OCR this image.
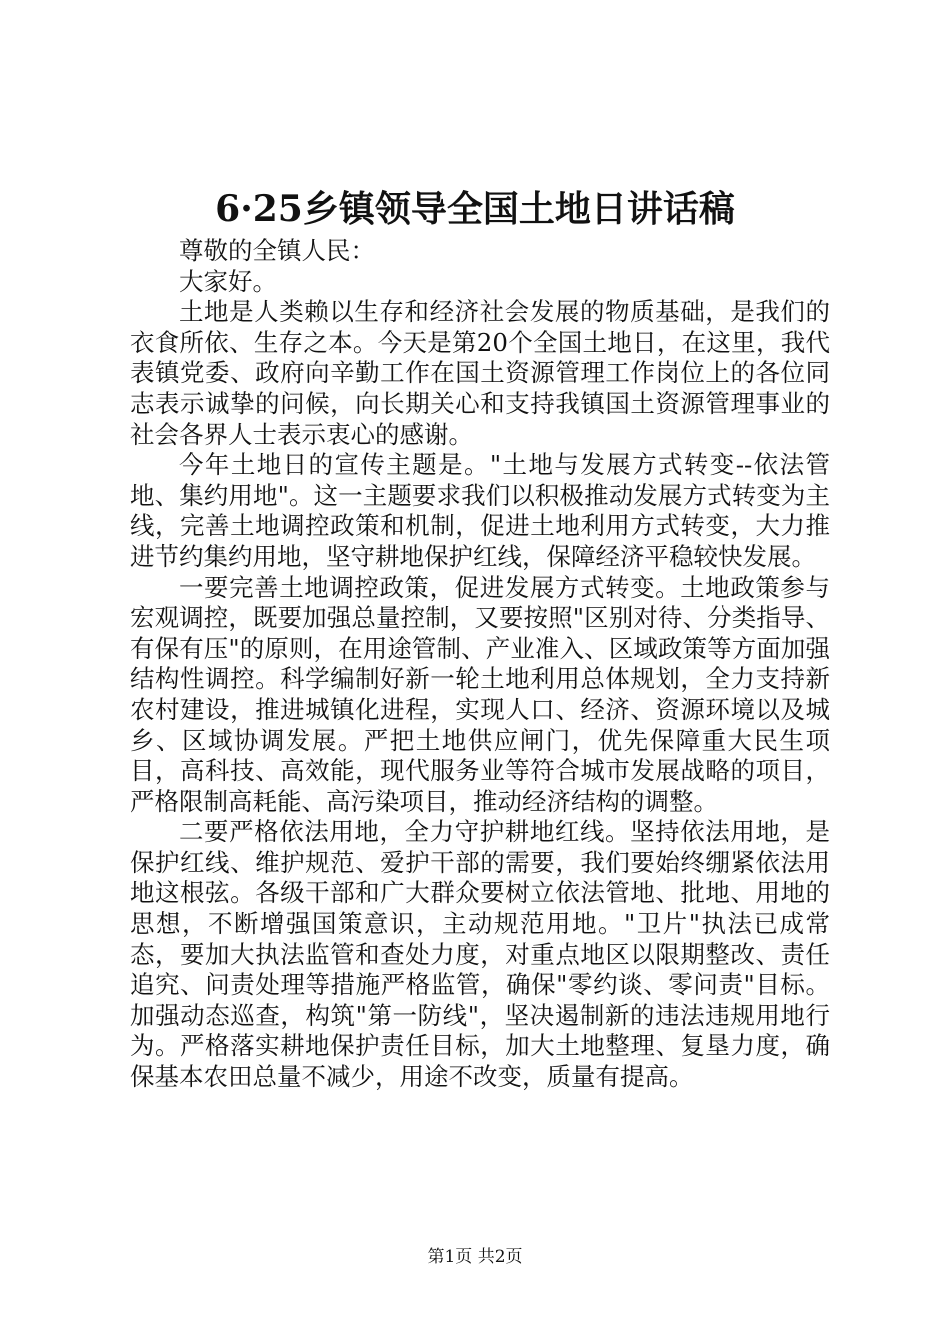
6·25乡镇领导全国土地日讲话稿

尊敬的全镇人民：

大家好。

土地是人类赖以生存和经济社会发展的物质基础，是我们的衣食所依、生存之本。今天是第20个全国土地日，在这里，我代表镇党委、政府向辛勤工作在国土资源管理工作岗位上的各位同志表示诚挚的问候，向长期关心和支持我镇国土资源管理事业的社会各界人士表示衷心的感谢。

今年土地日的宣传主题是。"土地与发展方式转变--依法管地、集约用地"。这一主题要求我们以积极推动发展方式转变为主线，完善土地调控政策和机制，促进土地利用方式转变，大力推进节约集约用地，坚守耕地保护红线，保障经济平稳较快发展。

一要完善土地调控政策，促进发展方式转变。土地政策参与宏观调控，既要加强总量控制，又要按照"区别对待、分类指导、有保有压"的原则，在用途管制、产业准入、区域政策等方面加强结构性调控。科学编制好新一轮土地利用总体规划，全力支持新农村建设，推进城镇化进程，实现人口、经济、资源环境以及城乡、区域协调发展。严把土地供应闸门，优先保障重大民生项目，高科技、高效能，现代服务业等符合城市发展战略的项目，严格限制高耗能、高污染项目，推动经济结构的调整。

二要严格依法用地，全力守护耕地红线。坚持依法用地，是保护红线、维护规范、爱护干部的需要，我们要始终绷紧依法用地这根弦。各级干部和广大群众要树立依法管地、批地、用地的思想，不断增强国策意识，主动规范用地。"卫片"执法已成常态，要加大执法监管和查处力度，对重点地区以限期整改、责任追究、问责处理等措施严格监管，确保"零约谈、零问责"目标。加强动态巡查，构筑"第一防线"，坚决遏制新的违法违规用地行为。严格落实耕地保护责任目标，加大土地整理、复垦力度，确保基本农田总量不减少，用途不改变，质量有提高。

第1页 共2页
